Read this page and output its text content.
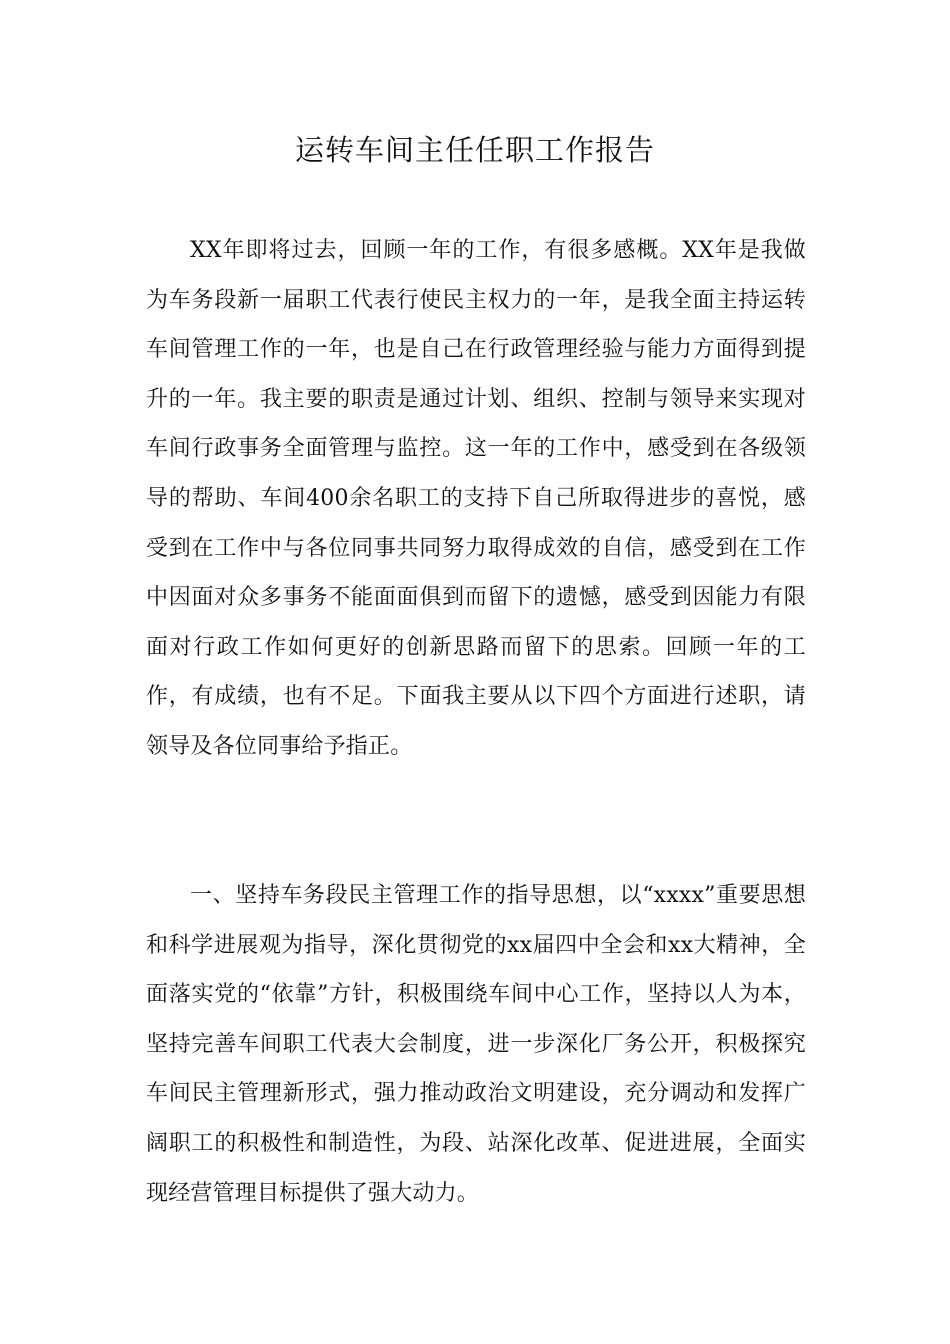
运转车间主任任职工作报告

XX年即将过去，回顾一年的工作，有很多感概。XX年是我做为车务段新一届职工代表行使民主权力的一年，是我全面主持运转车间管理工作的一年，也是自己在行政管理经验与能力方面得到提升的一年。我主要的职责是通过计划、组织、控制与领导来实现对车间行政事务全面管理与监控。这一年的工作中，感受到在各级领导的帮助、车间400余名职工的支持下自己所取得进步的喜悦，感受到在工作中与各位同事共同努力取得成效的自信，感受到在工作中因面对众多事务不能面面俱到而留下的遗憾，感受到因能力有限面对行政工作如何更好的创新思路而留下的思索。回顾一年的工作，有成绩，也有不足。下面我主要从以下四个方面进行述职，请领导及各位同事给予指正。

一、坚持车务段民主管理工作的指导思想，以“xxxx”重要思想和科学进展观为指导，深化贯彻党的xx届四中全会和xx大精神，全面落实党的“依靠”方针，积极围绕车间中心工作，坚持以人为本，坚持完善车间职工代表大会制度，进一步深化厂务公开，积极探究车间民主管理新形式，强力推动政治文明建设，充分调动和发挥广阔职工的积极性和制造性，为段、站深化改革、促进进展，全面实现经营管理目标提供了强大动力。
